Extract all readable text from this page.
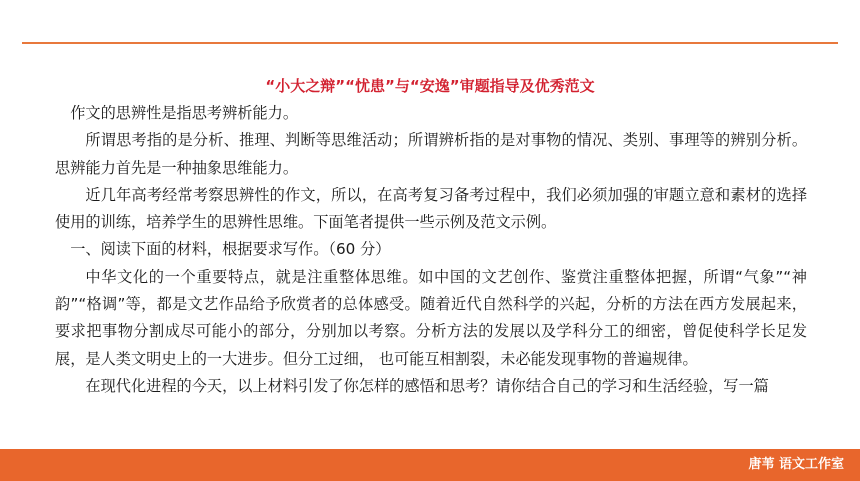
“小大之辩”“忧患”与“安逸”审题指导及优秀范文

作文的思辨性是指思考辨析能力。

所谓思考指的是分析、推理、判断等思维活动；所谓辨析指的是对事物的情况、类别、事理等的辨别分析。思辨能力首先是一种抽象思维能力。

近几年高考经常考察思辨性的作文，所以，在高考复习备考过程中，我们必须加强的审题立意和素材的选择使用的训练，培养学生的思辨性思维。下面笔者提供一些示例及范文示例。

一、阅读下面的材料，根据要求写作。（60 分）

中华文化的一个重要特点，就是注重整体思维。如中国的文艺创作、鉴赏注重整体把握，所谓“气象”“神韵”“格调”等，都是文艺作品给予欣赏者的总体感受。随着近代自然科学的兴起，分析的方法在西方发展起来，要求把事物分割成尽可能小的部分，分别加以考察。分析方法的发展以及学科分工的细密，曾促使科学长足发展，是人类文明史上的一大进步。但分工过细， 也可能互相割裂，未必能发现事物的普遍规律。

在现代化进程的今天，以上材料引发了你怎样的感悟和思考？请你结合自己的学习和生活经验，写一篇

唐苇 语文工作室
